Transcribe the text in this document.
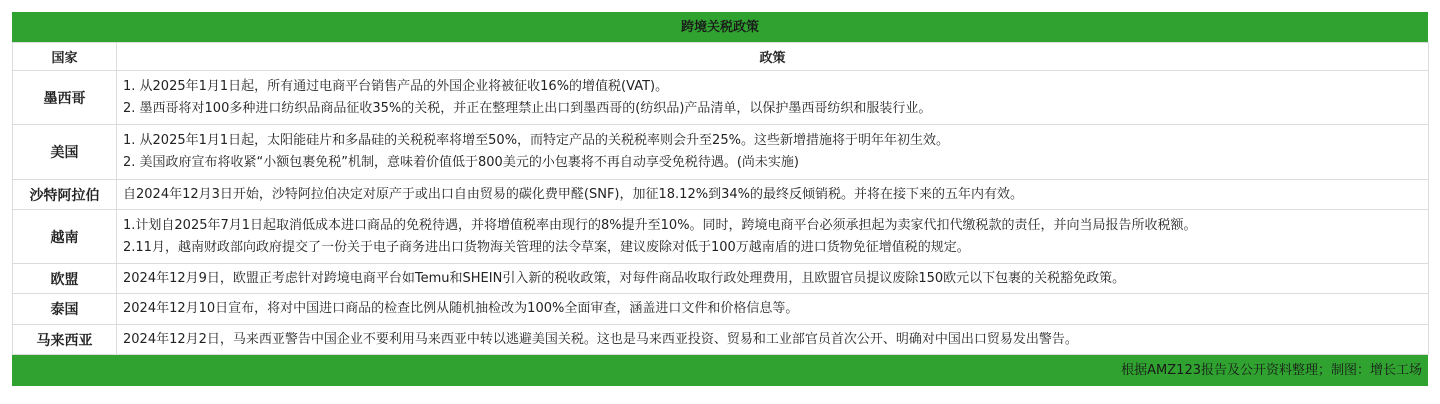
跨境关税政策
国家	政策
墨西哥	1. 从2025年1月1日起，所有通过电商平台销售产品的外国企业将被征收16%的增值税(VAT)。
2. 墨西哥将对100多种进口纺织品商品征收35%的关税，并正在整理禁止出口到墨西哥的(纺织品)产品清单，以保护墨西哥纺织和服装行业。

美国	1. 从2025年1月1日起，太阳能硅片和多晶硅的关税税率将增至50%，而特定产品的关税税率则会升至25%。这些新增措施将于明年年初生效。
2. 美国政府宣布将收紧“小额包裹免税”机制，意味着价值低于800美元的小包裹将不再自动享受免税待遇。(尚未实施)

沙特阿拉伯	自2024年12月3日开始，沙特阿拉伯决定对原产于或出口自由贸易的碳化费甲醛(SNF)，加征18.12%到34%的最终反倾销税。并将在接下来的五年内有效。

越南	1.计划自2025年7月1日起取消低成本进口商品的免税待遇，并将增值税率由现行的8%提升至10%。同时，跨境电商平台必须承担起为卖家代扣代缴税款的责任，并向当局报告所收税额。
2.11月，越南财政部向政府提交了一份关于电子商务进出口货物海关管理的法令草案，建议废除对低于100万越南盾的进口货物免征增值税的规定。

欧盟	2024年12月9日，欧盟正考虑针对跨境电商平台如Temu和SHEIN引入新的税收政策，对每件商品收取行政处理费用，且欧盟官员提议废除150欧元以下包裹的关税豁免政策。

泰国	2024年12月10日宣布，将对中国进口商品的检查比例从随机抽检改为100%全面审查，涵盖进口文件和价格信息等。

马来西亚	2024年12月2日，马来西亚警告中国企业不要利用马来西亚中转以逃避美国关税。这也是马来西亚投资、贸易和工业部官员首次公开、明确对中国出口贸易发出警告。
根据AMZ123报告及公开资料整理；制图：增长工场
